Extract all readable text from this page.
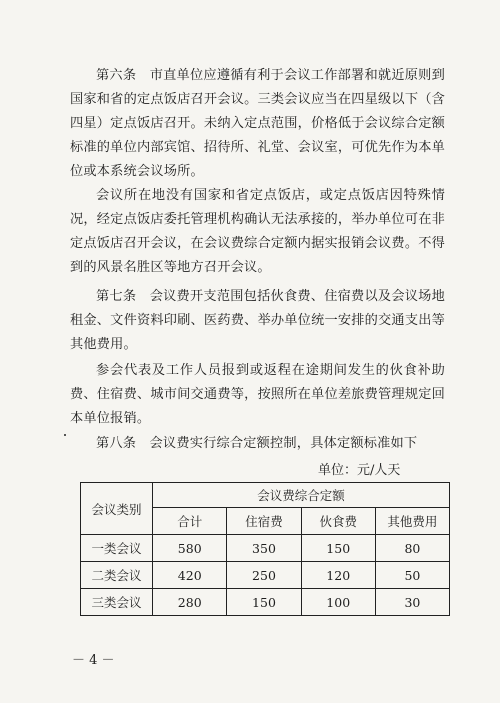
第六条　市直单位应遵循有利于会议工作部署和就近原则到国家和省的定点饭店召开会议。三类会议应当在四星级以下（含四星）定点饭店召开。未纳入定点范围，价格低于会议综合定额标准的单位内部宾馆、招待所、礼堂、会议室，可优先作为本单位或本系统会议场所。
会议所在地没有国家和省定点饭店，或定点饭店因特殊情况，经定点饭店委托管理机构确认无法承接的，举办单位可在非定点饭店召开会议，在会议费综合定额内据实报销会议费。不得到的风景名胜区等地方召开会议。
第七条　会议费开支范围包括伙食费、住宿费以及会议场地租金、文件资料印刷、医药费、举办单位统一安排的交通支出等其他费用。
参会代表及工作人员报到或返程在途期间发生的伙食补助费、住宿费、城市间交通费等，按照所在单位差旅费管理规定回本单位报销。
第八条　会议费实行综合定额控制，具体定额标准如下
单位：元/人天
会议类别	会议费综合定额			
	合计	住宿费	伙食费	其他费用
一类会议	580	350	150	80
二类会议	420	250	120	50
三类会议	280	150	100	30
－ 4 －
